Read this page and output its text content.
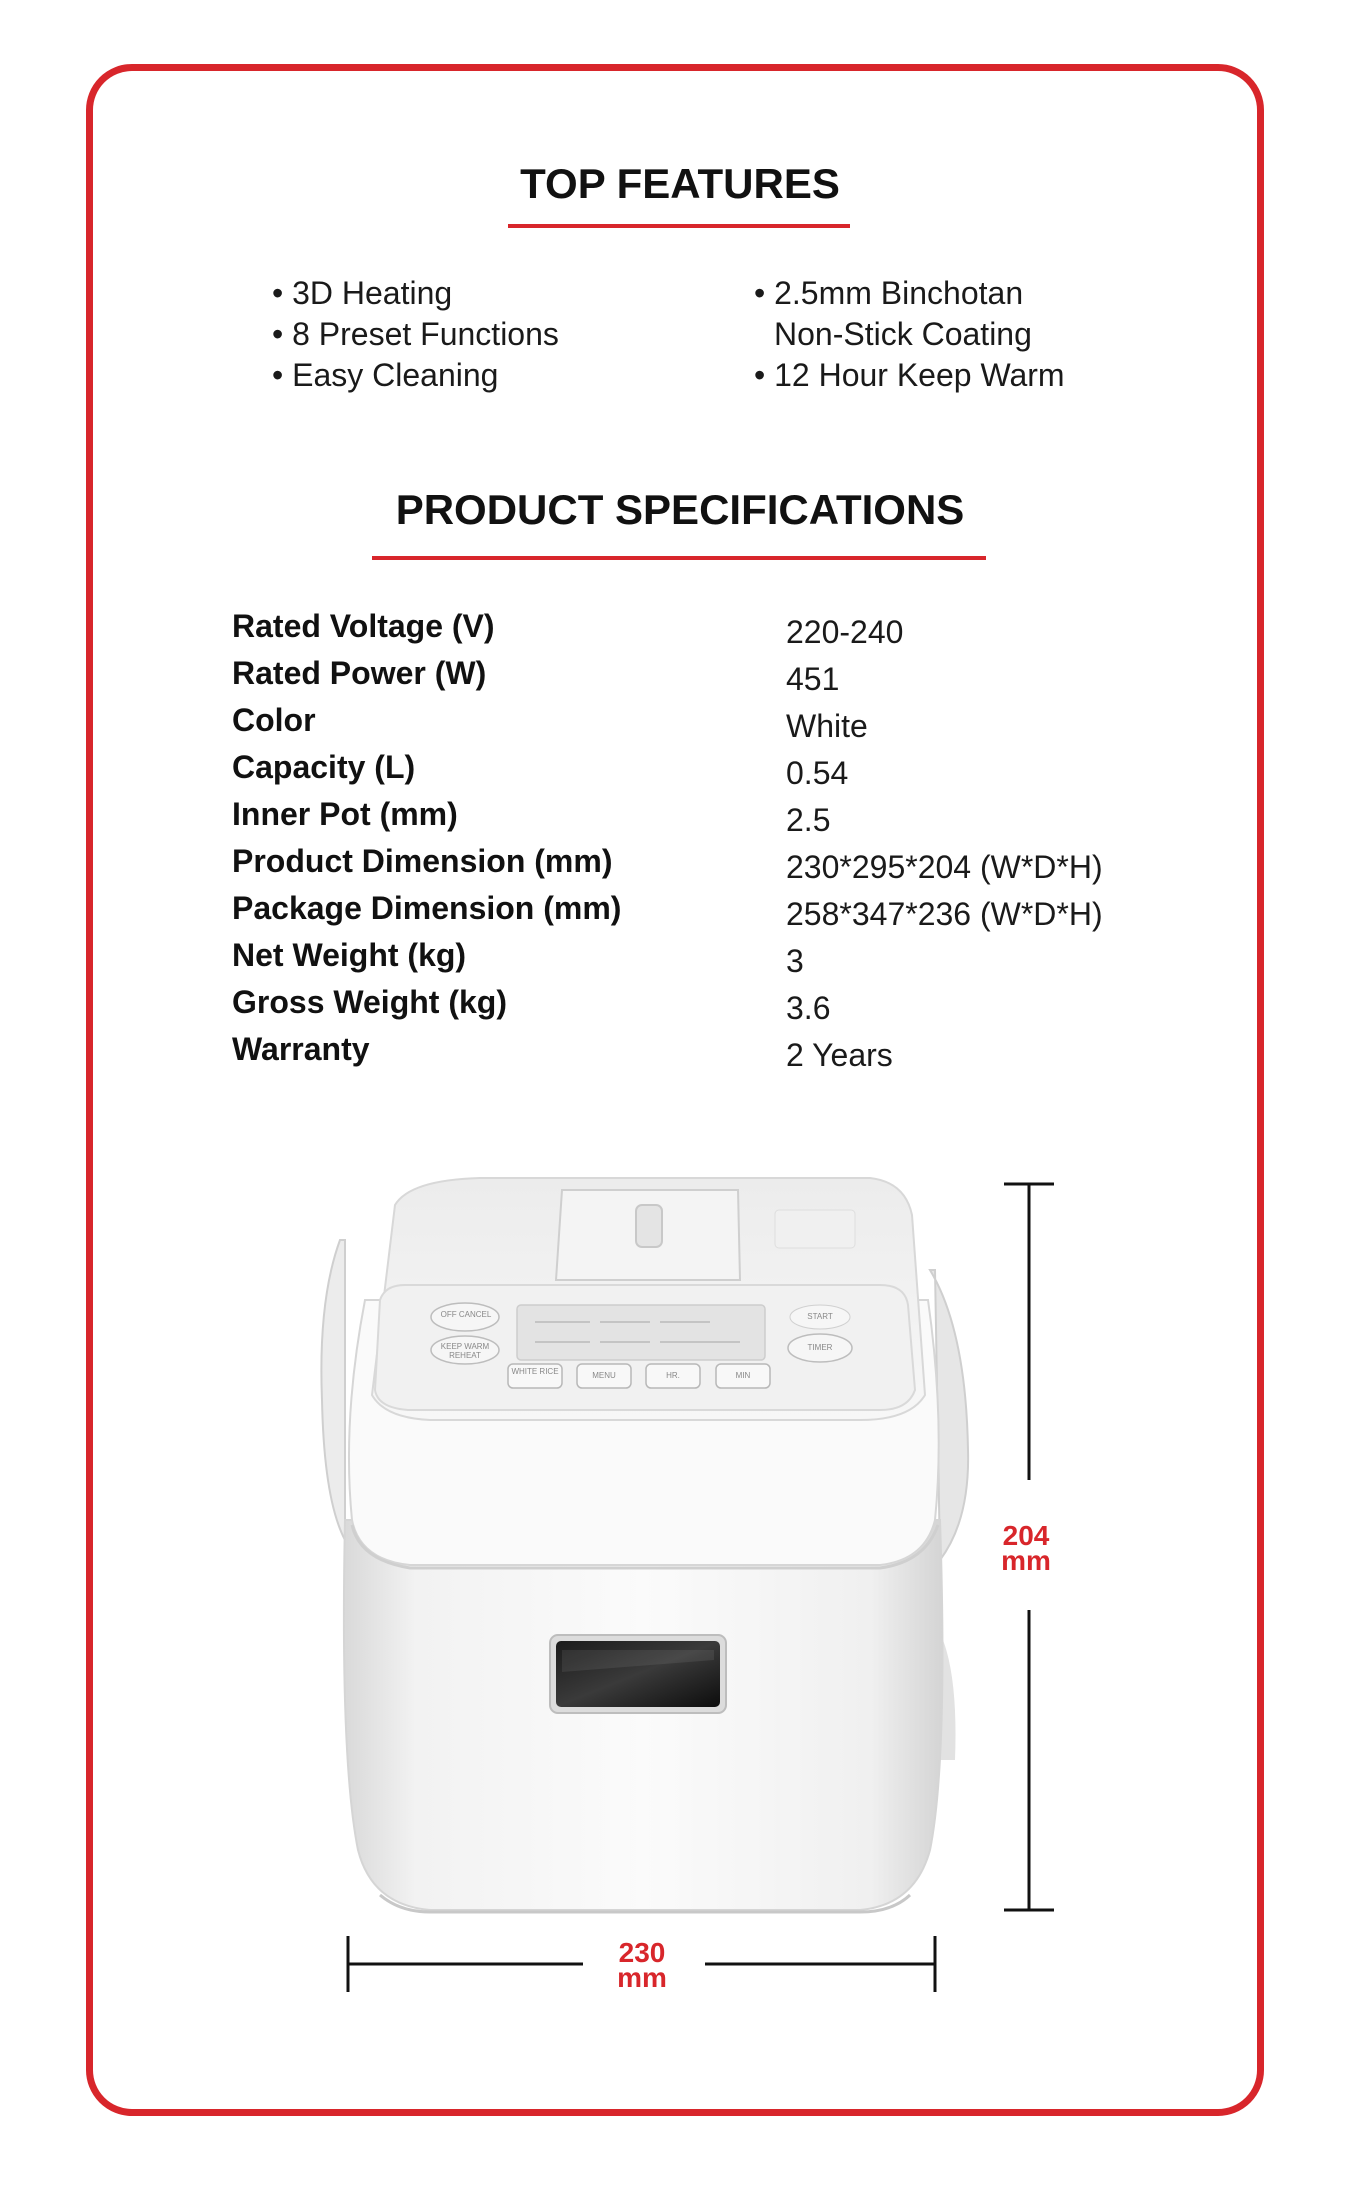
TOP FEATURES
• 3D Heating
• 8 Preset Functions
• Easy Cleaning
• 2.5mm Binchotan
Non-Stick Coating
• 12 Hour Keep Warm
PRODUCT SPECIFICATIONS
Rated Voltage (V)	220-240
Rated Power (W)	451
Color	White
Capacity (L)	0.54
Inner Pot (mm)	2.5
Product Dimension (mm)	230*295*204 (W*D*H)
Package Dimension (mm)	258*347*236 (W*D*H)
Net Weight (kg)	3
Gross Weight (kg)	3.6
Warranty	2 Years
OFF CANCEL
KEEP WARM REHEAT
START
TIMER
WHITE RICE	MENU	HR.	MIN
204
mm
230
mm
